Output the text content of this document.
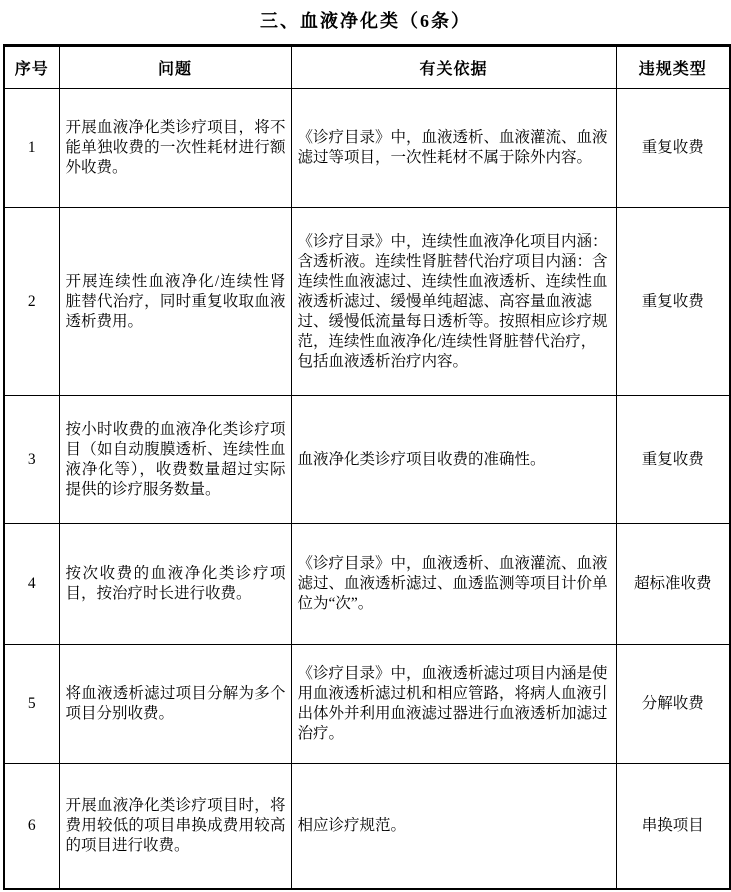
三、血液净化类（6条）
序号	问题	有关依据	违规类型
1	开展血液净化类诊疗项目，将不能单独收费的一次性耗材进行额外收费。	《诊疗目录》中，血液透析、血液灌流、血液滤过等项目，一次性耗材不属于除外内容。	重复收费
2	开展连续性血液净化/连续性肾脏替代治疗，同时重复收取血液透析费用。	《诊疗目录》中，连续性血液净化项目内涵：含透析液。连续性肾脏替代治疗项目内涵：含连续性血液滤过、连续性血液透析、连续性血液透析滤过、缓慢单纯超滤、高容量血液滤过、缓慢低流量每日透析等。按照相应诊疗规范，连续性血液净化/连续性肾脏替代治疗，包括血液透析治疗内容。	重复收费
3	按小时收费的血液净化类诊疗项目（如自动腹膜透析、连续性血液净化等），收费数量超过实际提供的诊疗服务数量。	血液净化类诊疗项目收费的准确性。	重复收费
4	按次收费的血液净化类诊疗项目，按治疗时长进行收费。	《诊疗目录》中，血液透析、血液灌流、血液滤过、血液透析滤过、血透监测等项目计价单位为“次”。	超标准收费
5	将血液透析滤过项目分解为多个项目分别收费。	《诊疗目录》中，血液透析滤过项目内涵是使用血液透析滤过机和相应管路，将病人血液引出体外并利用血液滤过器进行血液透析加滤过治疗。	分解收费
6	开展血液净化类诊疗项目时，将费用较低的项目串换成费用较高的项目进行收费。	相应诊疗规范。	串换项目
